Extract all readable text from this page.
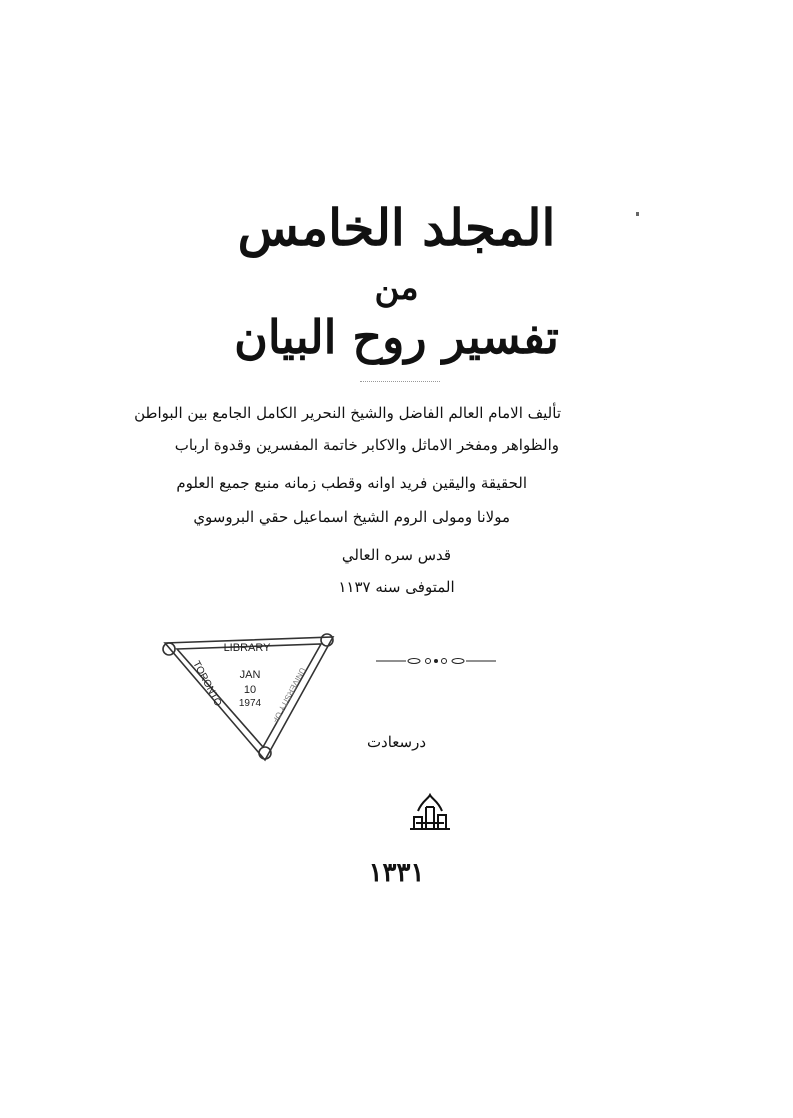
المجلد الخامس
من
تفسير روح البيان
تأليف الامام العالم الفاضل والشيخ النحرير الكامل الجامع بين البواطن
والظواهر ومفخر الاماثل والاكابر خاتمة المفسرين وقدوة ارباب
الحقيقة واليقين فريد اوانه وقطب زمانه منبع جميع العلوم
مولانا ومولى الروم الشيخ اسماعيل حقي البروسوي
قدس سره العالي
المتوفى سنه ١١٣٧
LIBRARY
JAN
10
1974
TORONTO	UNIVERSITY OF
درسعادت
مطبعه عثمانيه
١٣٣١
